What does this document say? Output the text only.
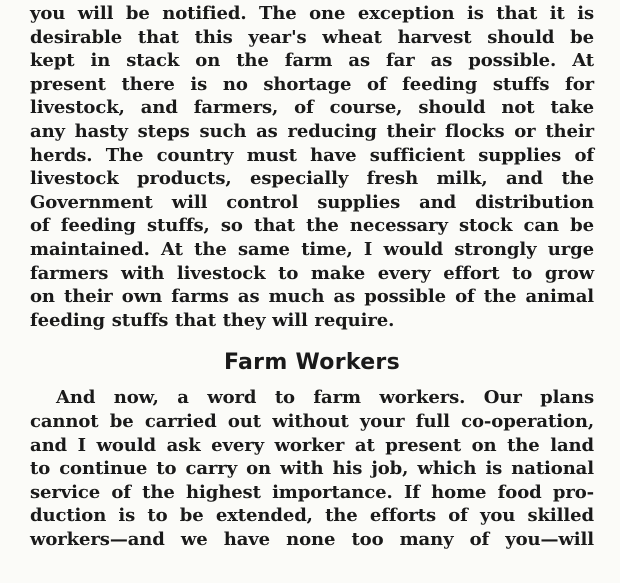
you will be notified. The one exception is that it is
desirable that this year's wheat harvest should be
kept in stack on the farm as far as possible. At
present there is no shortage of feeding stuffs for
livestock, and farmers, of course, should not take
any hasty steps such as reducing their flocks or their
herds. The country must have sufficient supplies of
livestock products, especially fresh milk, and the
Government will control supplies and distribution
of feeding stuffs, so that the necessary stock can be
maintained. At the same time, I would strongly urge
farmers with livestock to make every effort to grow
on their own farms as much as possible of the animal
feeding stuffs that they will require.

Farm Workers

And now, a word to farm workers. Our plans
cannot be carried out without your full co-operation,
and I would ask every worker at present on the land
to continue to carry on with his job, which is national
service of the highest importance. If home food pro-
duction is to be extended, the efforts of you skilled
workers—and we have none too many of you—will
